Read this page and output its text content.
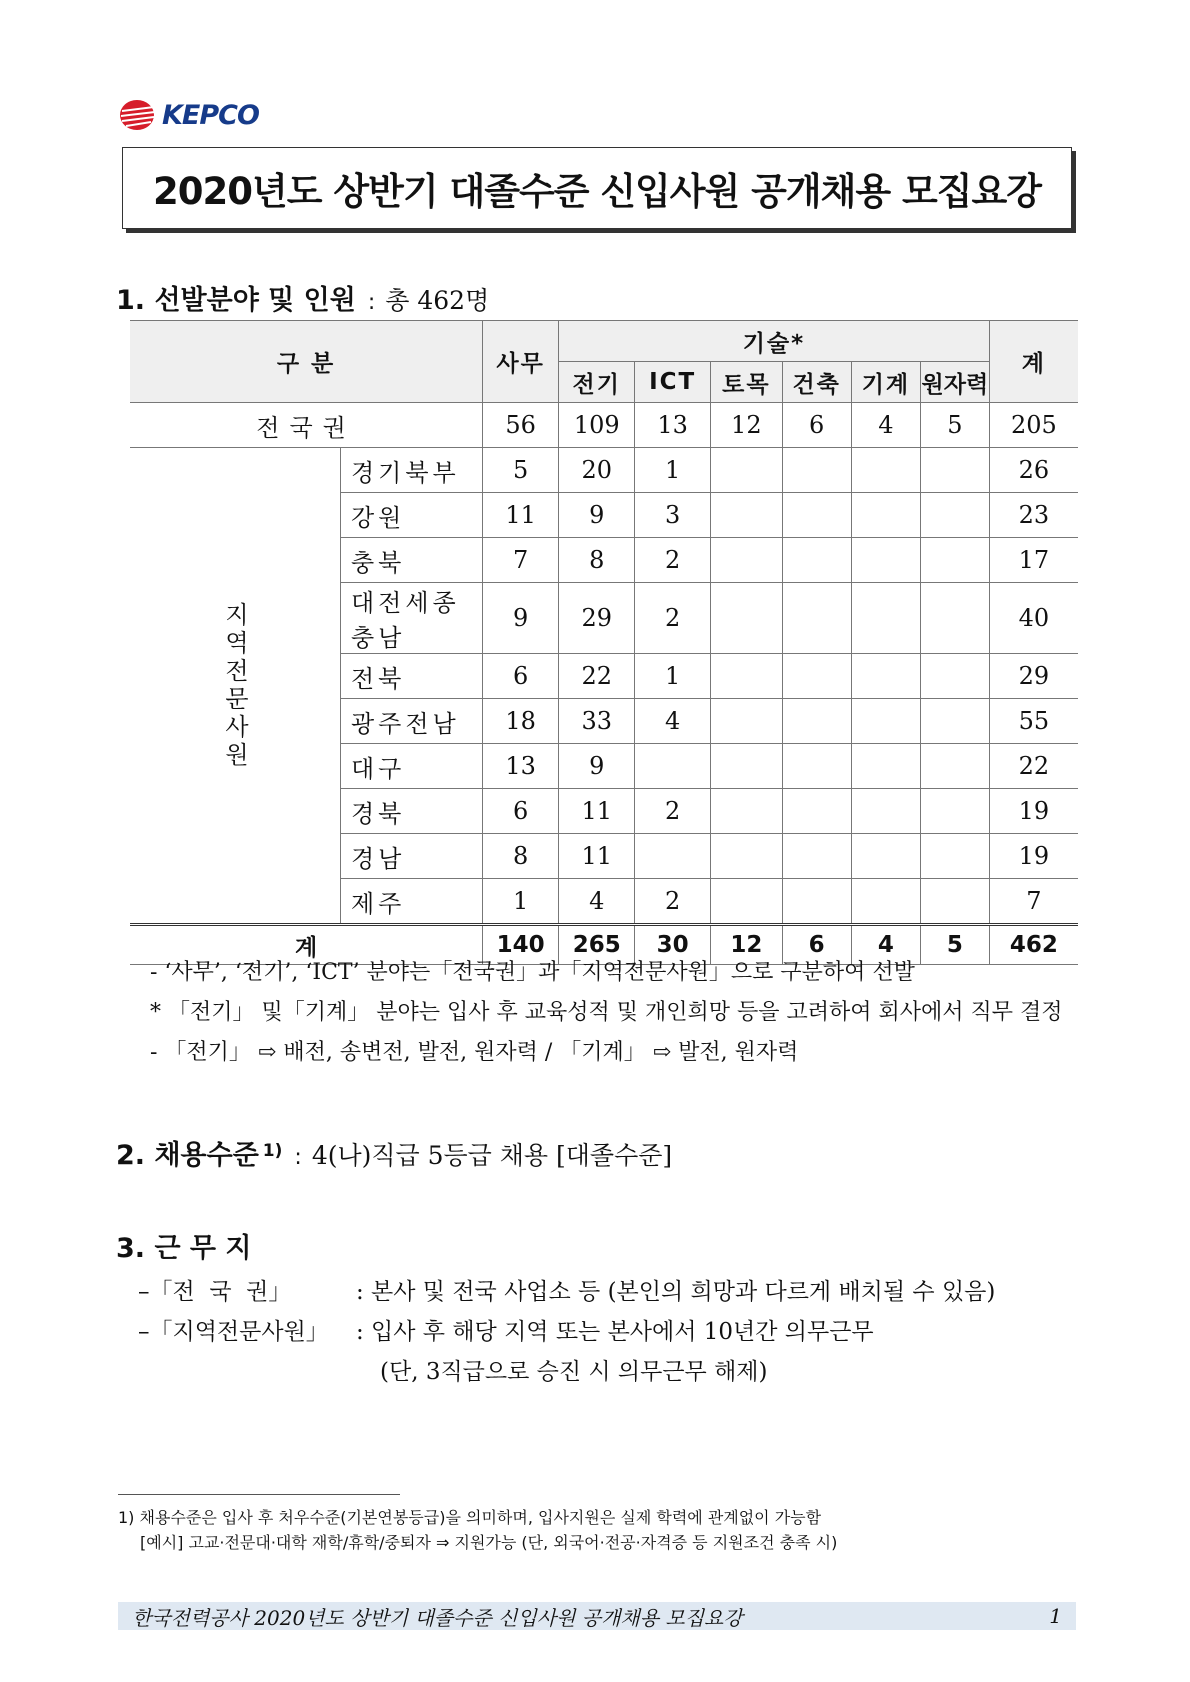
KEPCO
2020년도 상반기 대졸수준 신입사원 공개채용 모집요강
1. 선발분야 및 인원 : 총 462명
구 분		사무	기술*						계
			전기	ICT	토목	건축	기계	원자력	
전국권		56	109	13	12	6	4	5	205

지역전문사원	경기북부	5	20	1					26
	강원	11	9	3					23
	충북	7	8	2					17
	대전세종충남	9	29	2					40
	전북	6	22	1					29
	광주전남	18	33	4					55
	대구	13	9						22
	경북	6	11	2					19
	경남	8	11						19
	제주	1	4	2					7
계		140	265	30	12	6	4	5	462
- ‘사무’, ‘전기’, ‘ICT’ 분야는「전국권」과「지역전문사원」으로 구분하여 선발
* 「전기」 및「기계」 분야는 입사 후 교육성적 및 개인희망 등을 고려하여 회사에서 직무 결정
- 「전기」 ⇨ 배전, 송변전, 발전, 원자력 / 「기계」 ⇨ 발전, 원자력
2. 채용수준 $^{1)}$ : 4(나)직급 5등급 채용 [대졸수준]
3. 근 무 지
–「전  국  권」	: 본사 및 전국 사업소 등 (본인의 희망과 다르게 배치될 수 있음)
–「지역전문사원」 : 입사 후 해당 지역 또는 본사에서 10년간 의무근무
(단, 3직급으로 승진 시 의무근무 해제)
1) 채용수준은 입사 후 처우수준(기본연봉등급)을 의미하며, 입사지원은 실제 학력에 관계없이 가능함
[예시] 고교·전문대·대학 재학/휴학/중퇴자 ⇒ 지원가능 (단, 외국어·전공·자격증 등 지원조건 충족 시)
한국전력공사 2020년도 상반기 대졸수준 신입사원 공개채용 모집요강	1
